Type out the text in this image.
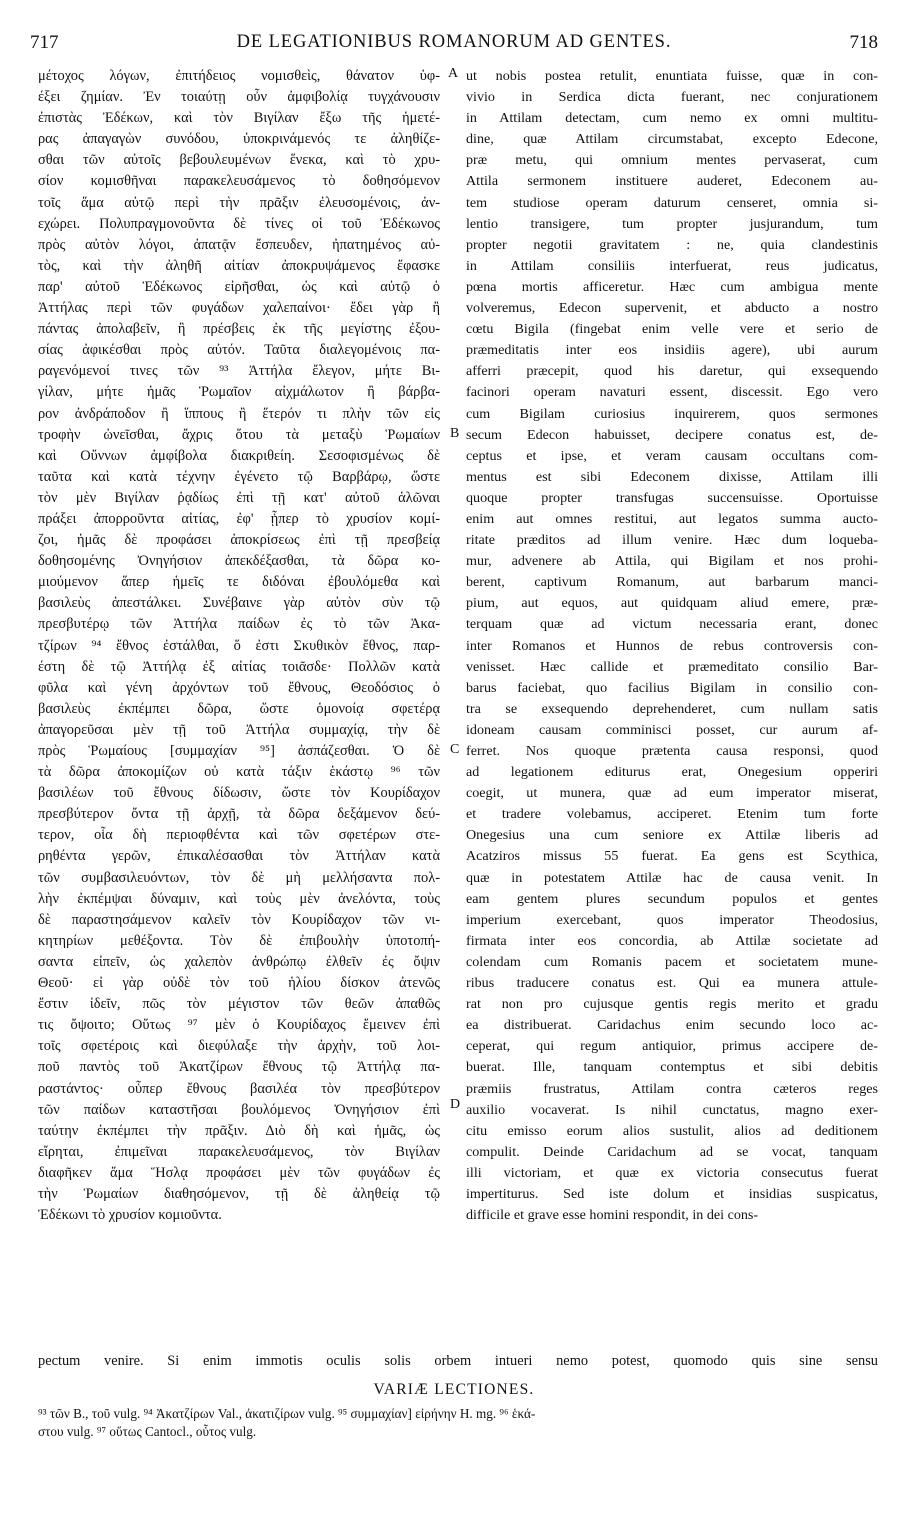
717	DE LEGATIONIBUS ROMANORUM AD GENTES.	718
μέτοχος λόγων, ἐπιτήδειος νομισθεὶς, θάνατον ὑφ-
έξει ζημίαν. Ἐν τοιαύτῃ οὖν ἀμφιβολίᾳ τυγχάνουσιν
ἐπιστὰς Ἐδέκων, καὶ τὸν Βιγίλαν ἔξω τῆς ἡμετέ-
ρας ἀπαγαγὼν συνόδου, ὑποκρινάμενός τε ἀληθίζε-
σθαι τῶν αὐτοῖς βεβουλευμένων ἕνεκα, καὶ τὸ χρυ-
σίον κομισθῆναι παρακελευσάμενος τὸ δοθησόμενον
τοῖς ἅμα αὐτῷ περὶ τὴν πρᾶξιν ἐλευσομένοις, ἀν-
εχώρει. Πολυπραγμονοῦντα δὲ τίνες οἱ τοῦ Ἐδέκωνος
πρὸς αὐτὸν λόγοι, ἀπατᾷν ἔσπευδεν, ἠπατημένος αὐ-
τὸς, καὶ τὴν ἀληθῆ αἰτίαν ἀποκρυψάμενος ἔφασκε
παρ' αὐτοῦ Ἐδέκωνος εἰρῆσθαι, ὡς καὶ αὐτῷ ὁ
Ἀττήλας περὶ τῶν φυγάδων χαλεπαίνοι· ἔδει γὰρ ἢ
πάντας ἀπολαβεῖν, ἢ πρέσβεις ἐκ τῆς μεγίστης ἐξου-
σίας ἀφικέσθαι πρὸς αὐτόν. Ταῦτα διαλεγομένοις πα-
ραγενόμενοί τινες τῶν ⁹³ Ἀττήλα ἔλεγον, μήτε Βι-
γίλαν, μήτε ἡμᾶς Ῥωμαῖον αἰχμάλωτον ἢ βάρβα-
ρον ἀνδράποδον ἢ ἵππους ἢ ἕτερόν τι πλὴν τῶν εἰς
τροφὴν ὠνεῖσθαι, ἄχρις ὅτου τὰ μεταξὺ Ῥωμαίων
καὶ Οὔννων ἀμφίβολα διακριθείη. Σεσοφισμένως δὲ
ταῦτα καὶ κατὰ τέχνην ἐγένετο τῷ Βαρβάρῳ, ὥστε
τὸν μὲν Βιγίλαν ῥᾳδίως ἐπὶ τῇ κατ' αὐτοῦ ἁλῶναι
πράξει ἀπορροῦντα αἰτίας, ἐφ' ᾗπερ τὸ χρυσίον κομί-
ζοι, ἡμᾶς δὲ προφάσει ἀποκρίσεως ἐπὶ τῇ πρεσβείᾳ
δοθησομένης Ὀνηγήσιον ἀπεκδέξασθαι, τὰ δῶρα κο-
μιούμενον ἅπερ ἡμεῖς τε διδόναι ἐβουλόμεθα καὶ
βασιλεὺς ἀπεστάλκει. Συνέβαινε γὰρ αὐτὸν σὺν τῷ
πρεσβυτέρῳ τῶν Ἀττήλα παίδων ἐς τὸ τῶν Ἀκα-
τζίρων ⁹⁴ ἔθνος ἐστάλθαι, ὅ ἐστι Σκυθικὸν ἔθνος, παρ-
έστη δὲ τῷ Ἀττήλᾳ ἐξ αἰτίας τοιᾶσδε· Πολλῶν κατὰ
φῦλα καὶ γένη ἀρχόντων τοῦ ἔθνους, Θεοδόσιος ὁ
βασιλεὺς ἐκπέμπει δῶρα, ὥστε ὁμονοίᾳ σφετέρᾳ
ἀπαγορεῦσαι μὲν τῇ τοῦ Ἀττήλα συμμαχίᾳ, τὴν δὲ
πρὸς Ῥωμαίους [συμμαχίαν ⁹⁵] ἀσπάζεσθαι. Ὁ δὲ
τὰ δῶρα ἀποκομίζων οὐ κατὰ τάξιν ἑκάστῳ ⁹⁶ τῶν
βασιλέων τοῦ ἔθνους δίδωσιν, ὥστε τὸν Κουρίδαχον
πρεσβύτερον ὄντα τῇ ἀρχῇ, τὰ δῶρα δεξάμενον δεύ-
τερον, οἷα δὴ περιοφθέντα καὶ τῶν σφετέρων στε-
ρηθέντα γερῶν, ἐπικαλέσασθαι τὸν Ἀττήλαν κατὰ
τῶν συμβασιλευόντων, τὸν δὲ μὴ μελλήσαντα πολ-
λὴν ἐκπέμψαι δύναμιν, καὶ τοὺς μὲν ἀνελόντα, τοὺς
δὲ παραστησάμενον καλεῖν τὸν Κουρίδαχον τῶν νι-
κητηρίων μεθέξοντα. Τὸν δὲ ἐπιβουλὴν ὑποτοπή-
σαντα εἰπεῖν, ὡς χαλεπὸν ἀνθρώπῳ ἐλθεῖν ἐς ὄψιν
Θεοῦ· εἰ γὰρ οὐδὲ τὸν τοῦ ἡλίου δίσκον ἀτενῶς
ἔστιν ἰδεῖν, πῶς τὸν μέγιστον τῶν θεῶν ἀπαθῶς
τις ὄψοιτο; Οὕτως ⁹⁷ μὲν ὁ Κουρίδαχος ἔμεινεν ἐπὶ
τοῖς σφετέροις καὶ διεφύλαξε τὴν ἀρχὴν, τοῦ λοι-
ποῦ παντὸς τοῦ Ἀκατζίρων ἔθνους τῷ Ἀττήλᾳ πα-
ραστάντος· οὗπερ ἔθνους βασιλέα τὸν πρεσβύτερον
τῶν παίδων καταστῆσαι βουλόμενος Ὀνηγήσιον ἐπὶ
ταύτην ἐκπέμπει τὴν πρᾶξιν. Διὸ δὴ καὶ ἡμᾶς, ὡς
εἴρηται, ἐπιμεῖναι παρακελευσάμενος, τὸν Βιγίλαν
διαφῆκεν ἅμα Ἥσλᾳ προφάσει μὲν τῶν φυγάδων ἐς
τὴν Ῥωμαίων διαθησόμενον, τῇ δὲ ἀληθείᾳ τῷ
Ἐδέκωνι τὸ χρυσίον κομιοῦντα.
ut nobis postea retulit, enuntiata fuisse, quæ in con-
vivio in Serdica dicta fuerant, nec conjurationem
in Attilam detectam, cum nemo ex omni multitu-
dine, quæ Attilam circumstabat, excepto Edecone,
præ metu, qui omnium mentes pervaserat, cum
Attila sermonem instituere auderet, Edeconem au-
tem studiose operam daturum censeret, omnia si-
lentio transigere, tum propter jusjurandum, tum
propter negotii gravitatem : ne, quia clandestinis
in Attilam consiliis interfuerat, reus judicatus,
pœna mortis afficeretur. Hæc cum ambigua mente
volveremus, Edecon supervenit, et abducto a nostro
cœtu Bigila (fingebat enim velle vere et serio de
præmeditatis inter eos insidiis agere), ubi aurum
afferri præcepit, quod his daretur, qui exsequendo
facinori operam navaturi essent, discessit. Ego vero
cum Bigilam curiosius inquirerem, quos sermones
secum Edecon habuisset, decipere conatus est, de-
ceptus et ipse, et veram causam occultans com-
mentus est sibi Edeconem dixisse, Attilam illi
quoque propter transfugas succensuisse. Oportuisse
enim aut omnes restitui, aut legatos summa aucto-
ritate præditos ad illum venire. Hæc dum loqueba-
mur, advenere ab Attila, qui Bigilam et nos prohi-
berent, captivum Romanum, aut barbarum manci-
pium, aut equos, aut quidquam aliud emere, præ-
terquam quæ ad victum necessaria erant, donec
inter Romanos et Hunnos de rebus controversis con-
venisset. Hæc callide et præmeditato consilio Bar-
barus faciebat, quo facilius Bigilam in consilio con-
tra se exsequendo deprehenderet, cum nullam satis
idoneam causam comminisci posset, cur aurum af-
ferret. Nos quoque prætenta causa responsi, quod
ad legationem editurus erat, Onegesium opperiri
coegit, ut munera, quæ ad eum imperator miserat,
et tradere volebamus, acciperet. Etenim tum forte
Onegesius una cum seniore ex Attilæ liberis ad
Acatziros missus 55 fuerat. Ea gens est Scythica,
quæ in potestatem Attilæ hac de causa venit. In
eam gentem plures secundum populos et gentes
imperium exercebant, quos imperator Theodosius,
firmata inter eos concordia, ab Attilæ societate ad
colendam cum Romanis pacem et societatem mune-
ribus traducere conatus est. Qui ea munera attule-
rat non pro cujusque gentis regis merito et gradu
ea distribuerat. Caridachus enim secundo loco ac-
ceperat, qui regum antiquior, primus accipere de-
buerat. Ille, tanquam contemptus et sibi debitis
præmiis frustratus, Attilam contra cæteros reges
auxilio vocaverat. Is nihil cunctatus, magno exer-
citu emisso eorum alios sustulit, alios ad deditionem
compulit. Deinde Caridachum ad se vocat, tanquam
illi victoriam, et quæ ex victoria consecutus fuerat
impertiturus. Sed iste dolum et insidias suspicatus,
difficile et grave esse homini respondit, in dei cons-
A
B
C
D
pectum venire. Si enim immotis oculis solis orbem intueri nemo potest, quomodo quis sine sensu
VARIÆ LECTIONES.
⁹³ τῶν B., τοῦ vulg. ⁹⁴ Ἀκατζίρων Val., ἀκατιζίρων vulg. ⁹⁵ συμμαχίαν] εἰρήνην H. mg. ⁹⁶ ἑκά-
στου vulg. ⁹⁷ οὕτως Cantocl., οὗτος vulg.
